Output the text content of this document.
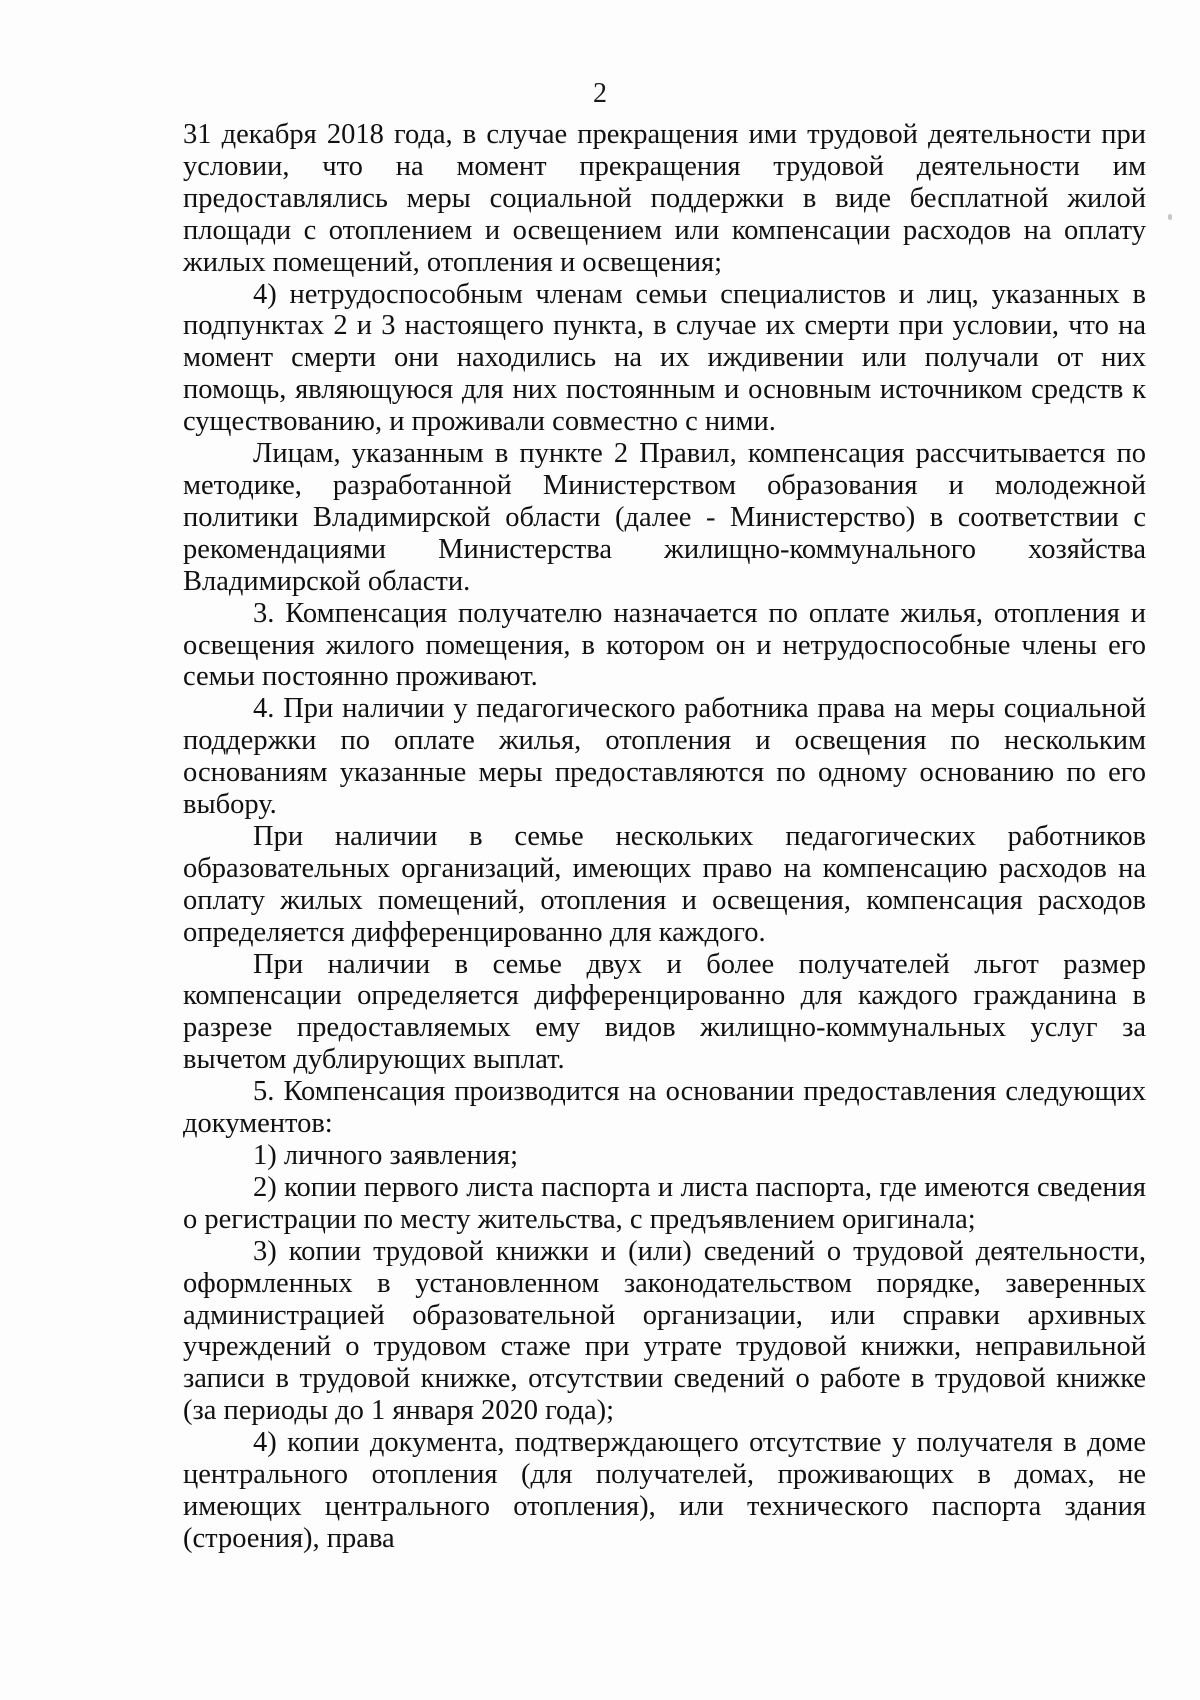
2

31 декабря 2018 года, в случае прекращения ими трудовой деятельности при условии, что на момент прекращения трудовой деятельности им предоставлялись меры социальной поддержки в виде бесплатной жилой площади с отоплением и освещением или компенсации расходов на оплату жилых помещений, отопления и освещения;

4) нетрудоспособным членам семьи специалистов и лиц, указанных в подпунктах 2 и 3 настоящего пункта, в случае их смерти при условии, что на момент смерти они находились на их иждивении или получали от них помощь, являющуюся для них постоянным и основным источником средств к существованию, и проживали совместно с ними.

Лицам, указанным в пункте 2 Правил, компенсация рассчитывается по методике, разработанной Министерством образования и молодежной политики Владимирской области (далее - Министерство) в соответствии с рекомендациями Министерства жилищно-коммунального хозяйства Владимирской области.

3. Компенсация получателю назначается по оплате жилья, отопления и освещения жилого помещения, в котором он и нетрудоспособные члены его семьи постоянно проживают.

4. При наличии у педагогического работника права на меры социальной поддержки по оплате жилья, отопления и освещения по нескольким основаниям указанные меры предоставляются по одному основанию по его выбору.

При наличии в семье нескольких педагогических работников образовательных организаций, имеющих право на компенсацию расходов на оплату жилых помещений, отопления и освещения, компенсация расходов определяется дифференцированно для каждого.

При наличии в семье двух и более получателей льгот размер компенсации определяется дифференцированно для каждого гражданина в разрезе предоставляемых ему видов жилищно-коммунальных услуг за вычетом дублирующих выплат.

5. Компенсация производится на основании предоставления следующих документов:

1) личного заявления;

2) копии первого листа паспорта и листа паспорта, где имеются сведения о регистрации по месту жительства, с предъявлением оригинала;

3) копии трудовой книжки и (или) сведений о трудовой деятельности, оформленных в установленном законодательством порядке, заверенных администрацией образовательной организации, или справки архивных учреждений о трудовом стаже при утрате трудовой книжки, неправильной записи в трудовой книжке, отсутствии сведений о работе в трудовой книжке (за периоды до 1 января 2020 года);

4) копии документа, подтверждающего отсутствие у получателя в доме центрального отопления (для получателей, проживающих в домах, не имеющих центрального отопления), или технического паспорта здания (строения), права
